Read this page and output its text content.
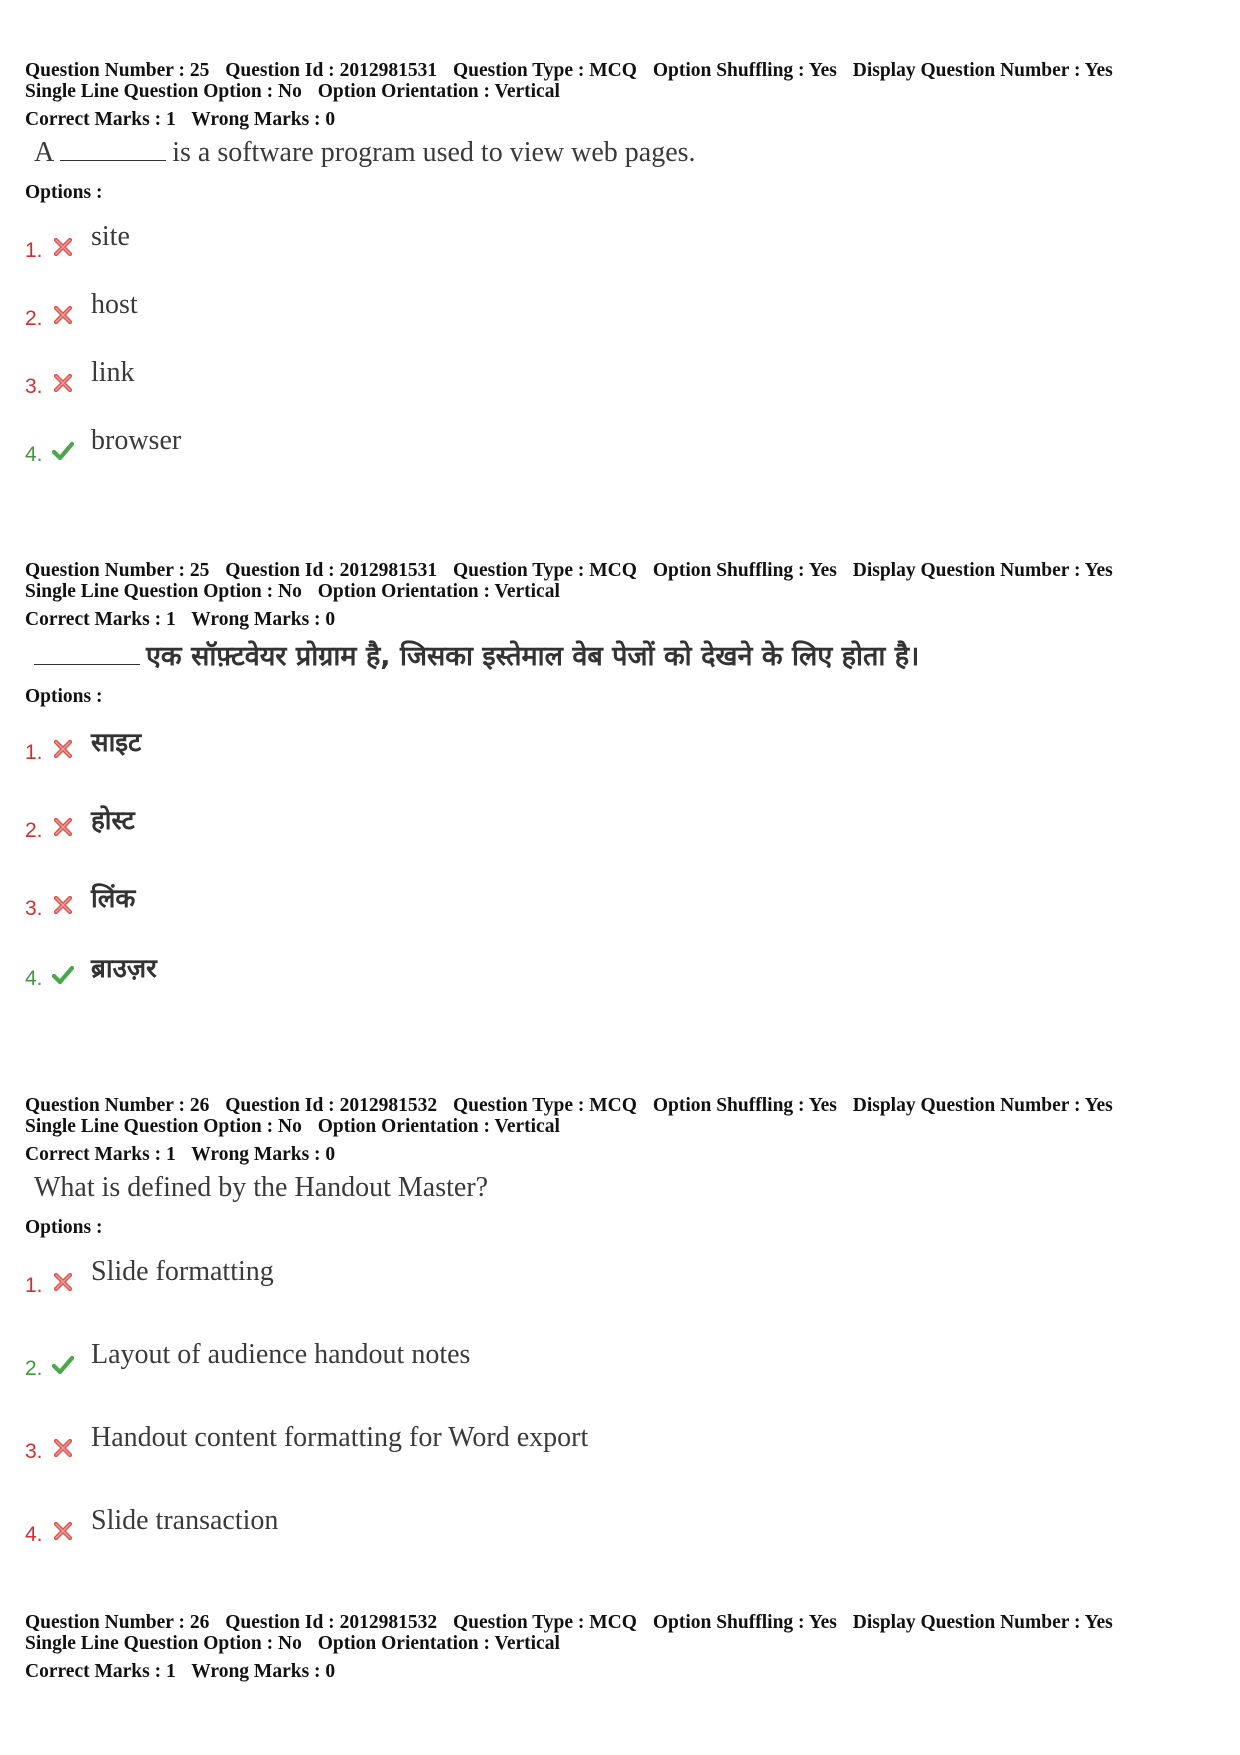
Question Number : 25 Question Id : 2012981531 Question Type : MCQ Option Shuffling : Yes Display Question Number : Yes
Single Line Question Option : No Option Orientation : Vertical
Correct Marks : 1 Wrong Marks : 0
A	is a software program used to view web pages.
Options :
1. site
2. host
3. link
4. browser
Question Number : 25 Question Id : 2012981531 Question Type : MCQ Option Shuffling : Yes Display Question Number : Yes
Single Line Question Option : No Option Orientation : Vertical
Correct Marks : 1 Wrong Marks : 0
एक सॉफ़्टवेयर प्रोग्राम है, जिसका इस्तेमाल वेब पेजों को देखने के लिए होता है।
Options :
1. साइट
2. होस्ट
3. लिंक
4. ब्राउज़र
Question Number : 26 Question Id : 2012981532 Question Type : MCQ Option Shuffling : Yes Display Question Number : Yes
Single Line Question Option : No Option Orientation : Vertical
Correct Marks : 1 Wrong Marks : 0
What is defined by the Handout Master?
Options :
1. Slide formatting
2. Layout of audience handout notes
3. Handout content formatting for Word export
4. Slide transaction
Question Number : 26 Question Id : 2012981532 Question Type : MCQ Option Shuffling : Yes Display Question Number : Yes
Single Line Question Option : No Option Orientation : Vertical
Correct Marks : 1 Wrong Marks : 0
